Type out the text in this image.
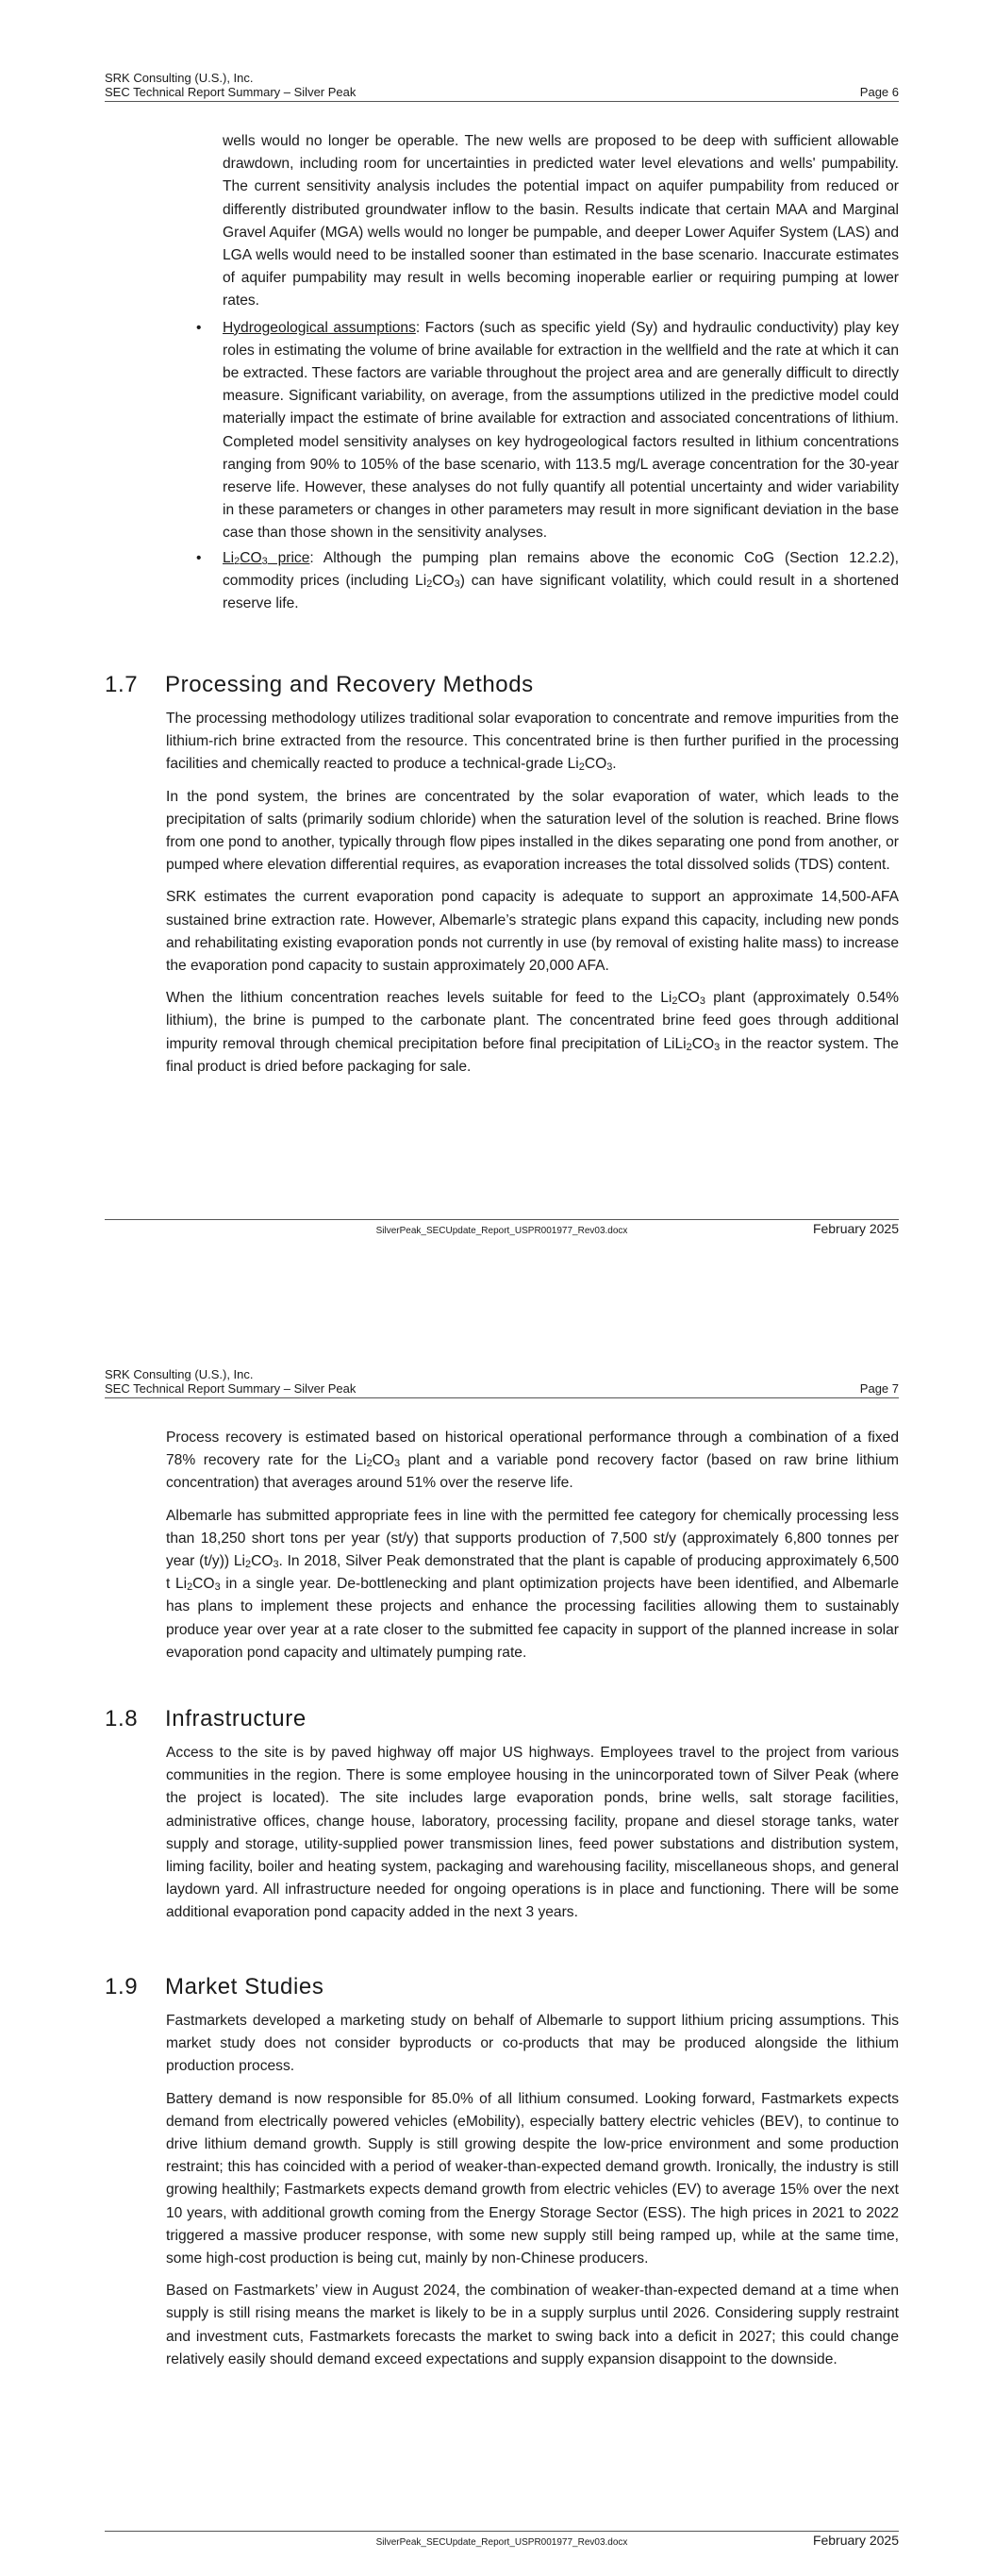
SRK Consulting (U.S.), Inc.
SEC Technical Report Summary – Silver Peak	Page 6

wells would no longer be operable. The new wells are proposed to be deep with sufficient allowable drawdown, including room for uncertainties in predicted water level elevations and wells' pumpability. The current sensitivity analysis includes the potential impact on aquifer pumpability from reduced or differently distributed groundwater inflow to the basin. Results indicate that certain MAA and Marginal Gravel Aquifer (MGA) wells would no longer be pumpable, and deeper Lower Aquifer System (LAS) and LGA wells would need to be installed sooner than estimated in the base scenario. Inaccurate estimates of aquifer pumpability may result in wells becoming inoperable earlier or requiring pumping at lower rates.

• Hydrogeological assumptions: Factors (such as specific yield (Sy) and hydraulic conductivity) play key roles in estimating the volume of brine available for extraction in the wellfield and the rate at which it can be extracted. These factors are variable throughout the project area and are generally difficult to directly measure. Significant variability, on average, from the assumptions utilized in the predictive model could materially impact the estimate of brine available for extraction and associated concentrations of lithium. Completed model sensitivity analyses on key hydrogeological factors resulted in lithium concentrations ranging from 90% to 105% of the base scenario, with 113.5 mg/L average concentration for the 30-year reserve life. However, these analyses do not fully quantify all potential uncertainty and wider variability in these parameters or changes in other parameters may result in more significant deviation in the base case than those shown in the sensitivity analyses.
• $Li_2CO_3$ price: Although the pumping plan remains above the economic CoG (Section 12.2.2), commodity prices (including $Li_2CO_3$) can have significant volatility, which could result in a shortened reserve life.
1.7 Processing and Recovery Methods

The processing methodology utilizes traditional solar evaporation to concentrate and remove impurities from the lithium-rich brine extracted from the resource. This concentrated brine is then further purified in the processing facilities and chemically reacted to produce a technical-grade $Li_2CO_3$.

In the pond system, the brines are concentrated by the solar evaporation of water, which leads to the precipitation of salts (primarily sodium chloride) when the saturation level of the solution is reached. Brine flows from one pond to another, typically through flow pipes installed in the dikes separating one pond from another, or pumped where elevation differential requires, as evaporation increases the total dissolved solids (TDS) content.

SRK estimates the current evaporation pond capacity is adequate to support an approximate 14,500-AFA sustained brine extraction rate. However, Albemarle’s strategic plans expand this capacity, including new ponds and rehabilitating existing evaporation ponds not currently in use (by removal of existing halite mass) to increase the evaporation pond capacity to sustain approximately 20,000 AFA.

When the lithium concentration reaches levels suitable for feed to the $Li_2CO_3$ plant (approximately 0.54% lithium), the brine is pumped to the carbonate plant. The concentrated brine feed goes through additional impurity removal through chemical precipitation before final precipitation of $LiLi_2CO_3$ in the reactor system. The final product is dried before packaging for sale.

SilverPeak_SECUpdate_Report_USPR001977_Rev03.docx	February 2025
SRK Consulting (U.S.), Inc.
SEC Technical Report Summary – Silver Peak	Page 7

Process recovery is estimated based on historical operational performance through a combination of a fixed 78% recovery rate for the $Li_2CO_3$ plant and a variable pond recovery factor (based on raw brine lithium concentration) that averages around 51% over the reserve life.

Albemarle has submitted appropriate fees in line with the permitted fee category for chemically processing less than 18,250 short tons per year (st/y) that supports production of 7,500 st/y (approximately 6,800 tonnes per year (t/y)) $Li_2CO_3$. In 2018, Silver Peak demonstrated that the plant is capable of producing approximately 6,500 t $Li_2CO_3$ in a single year. De-bottlenecking and plant optimization projects have been identified, and Albemarle has plans to implement these projects and enhance the processing facilities allowing them to sustainably produce year over year at a rate closer to the submitted fee capacity in support of the planned increase in solar evaporation pond capacity and ultimately pumping rate.

1.8 Infrastructure

Access to the site is by paved highway off major US highways. Employees travel to the project from various communities in the region. There is some employee housing in the unincorporated town of Silver Peak (where the project is located). The site includes large evaporation ponds, brine wells, salt storage facilities, administrative offices, change house, laboratory, processing facility, propane and diesel storage tanks, water supply and storage, utility-supplied power transmission lines, feed power substations and distribution system, liming facility, boiler and heating system, packaging and warehousing facility, miscellaneous shops, and general laydown yard. All infrastructure needed for ongoing operations is in place and functioning. There will be some additional evaporation pond capacity added in the next 3 years.

1.9 Market Studies

Fastmarkets developed a marketing study on behalf of Albemarle to support lithium pricing assumptions. This market study does not consider byproducts or co-products that may be produced alongside the lithium production process.

Battery demand is now responsible for 85.0% of all lithium consumed. Looking forward, Fastmarkets expects demand from electrically powered vehicles (eMobility), especially battery electric vehicles (BEV), to continue to drive lithium demand growth. Supply is still growing despite the low-price environment and some production restraint; this has coincided with a period of weaker-than-expected demand growth. Ironically, the industry is still growing healthily; Fastmarkets expects demand growth from electric vehicles (EV) to average 15% over the next 10 years, with additional growth coming from the Energy Storage Sector (ESS). The high prices in 2021 to 2022 triggered a massive producer response, with some new supply still being ramped up, while at the same time, some high-cost production is being cut, mainly by non-Chinese producers.

Based on Fastmarkets’ view in August 2024, the combination of weaker-than-expected demand at a time when supply is still rising means the market is likely to be in a supply surplus until 2026. Considering supply restraint and investment cuts, Fastmarkets forecasts the market to swing back into a deficit in 2027; this could change relatively easily should demand exceed expectations and supply expansion disappoint to the downside.

SilverPeak_SECUpdate_Report_USPR001977_Rev03.docx	February 2025
